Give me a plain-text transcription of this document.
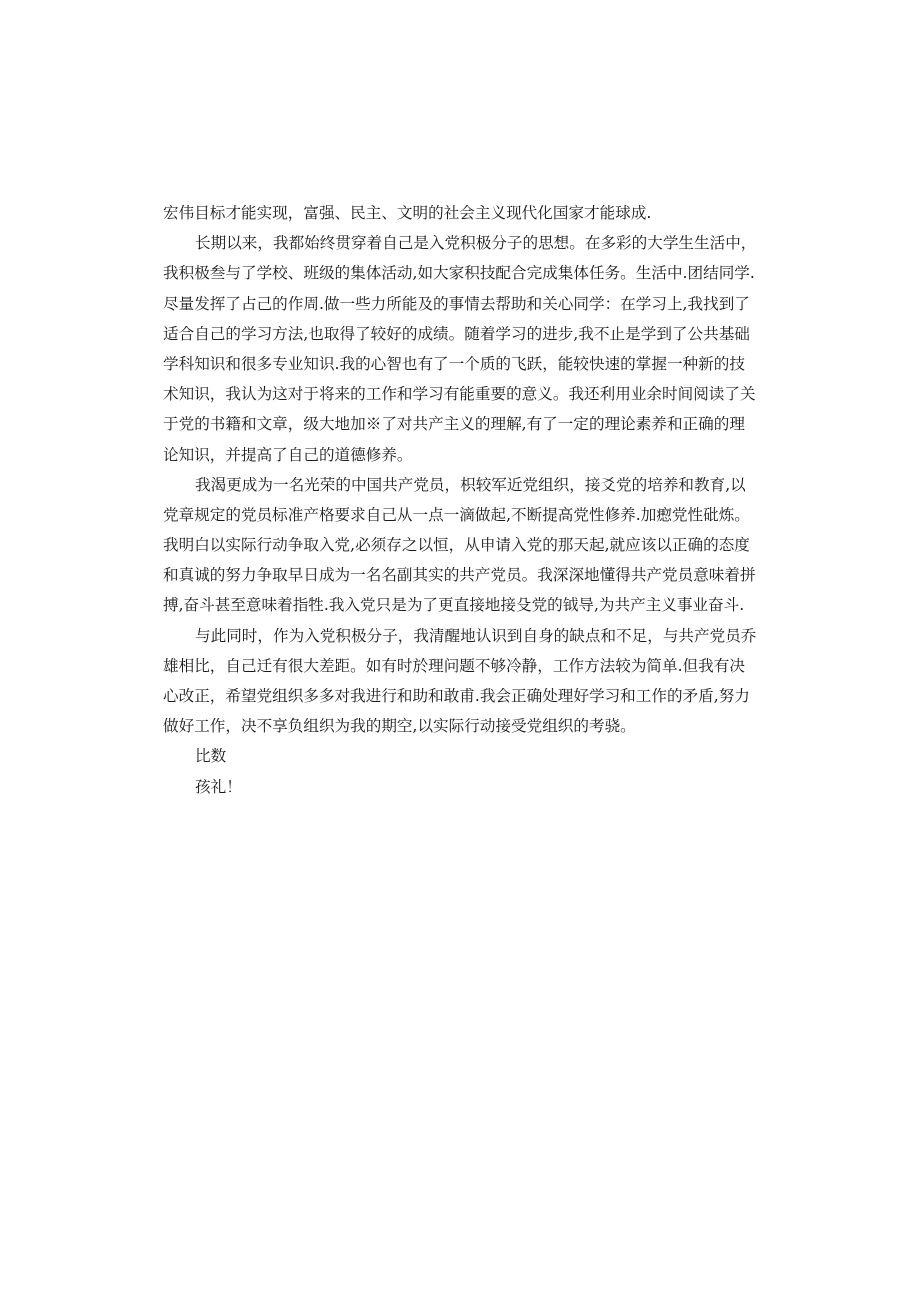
宏伟目标才能实现，富强、民主、文明的社会主义现代化国家才能球成.
长期以来，我都始终贯穿着自己是入党积极分子的思想。在多彩的大学生生活中，
我积极叁与了学校、班级的集体活动,如大家积技配合完成集体任务。生活中.团结同学.
尽量发挥了占己的作周.做一些力所能及的事情去帮助和关心同学：在学习上,我找到了
适合自己的学习方法,也取得了较好的成绩。随着学习的进步,我不止是学到了公共基础
学科知识和很多专业知识.我的心智也有了一个质的飞跃，能较快速的掌握一种新的技
术知识，我认为这对于将来的工作和学习有能重要的意义。我还利用业余时间阅读了关
于党的书籍和文章，级大地加※了对共产主义的理解,有了一定的理论素养和正确的理
论知识，并提高了自己的道德修养。
我渴更成为一名光荣的中国共产党员，枳较军近党组织，接爻党的培养和教育,以
党章规定的党员标准产格要求自己从一点一滴做起,不断提高党性修养.加瘛党性砒炼。
我明白以实际行动争取入党,必须存之以恒，从申请入党的那天起,就应该以正确的态度
和真诚的努力争取早日成为一名名副其实的共产党员。我深深地懂得共产党员意味着拼
搏,奋斗甚至意味着指牲.我入党只是为了更直接地接殳党的钺导,为共产主义事业奋斗.
与此同时，作为入党积极分子，我清醒地认识到自身的缺点和不足，与共产党员乔
雄相比，自己迁有很大差距。如有时於理问题不够冷静，工作方法较为简单.但我有决
心改正，希望党组织多多对我进行和助和敢甫.我会正确处理好学习和工作的矛盾,努力
做好工作，决不享负组织为我的期空,以实际行动接受党组织的考骁。
比数
孩礼！
